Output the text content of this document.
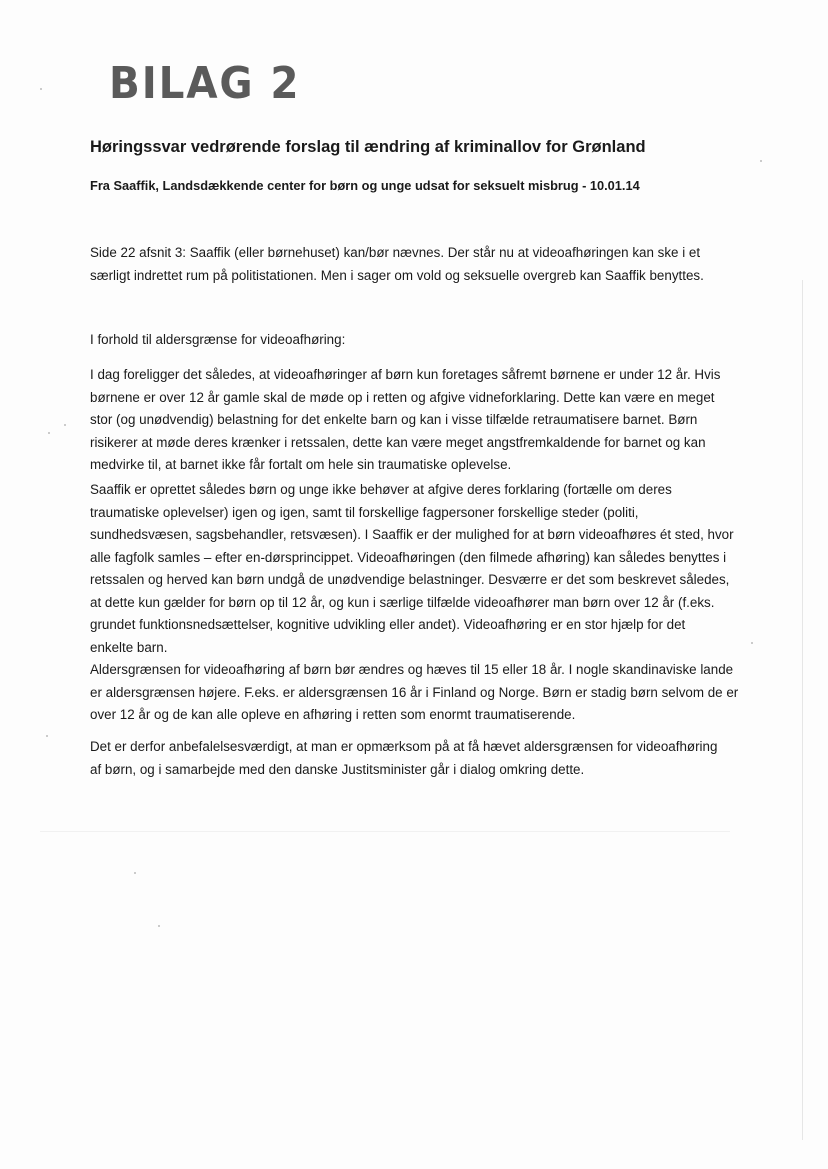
BILAG 2
Høringssvar vedrørende forslag til ændring af kriminallov for Grønland
Fra Saaffik, Landsdækkende center for børn og unge udsat for seksuelt misbrug - 10.01.14

Side 22 afsnit 3: Saaffik (eller børnehuset) kan/bør nævnes. Der står nu at videoafhøringen kan ske i et
særligt indrettet rum på politistationen. Men i sager om vold og seksuelle overgreb kan Saaffik benyttes.

I forhold til aldersgrænse for videoafhøring:

I dag foreligger det således, at videoafhøringer af børn kun foretages såfremt børnene er under 12 år. Hvis
børnene er over 12 år gamle skal de møde op i retten og afgive vidneforklaring. Dette kan være en meget
stor (og unødvendig) belastning for det enkelte barn og kan i visse tilfælde retraumatisere barnet. Børn
risikerer at møde deres krænker i retssalen, dette kan være meget angstfremkaldende for barnet og kan
medvirke til, at barnet ikke får fortalt om hele sin traumatiske oplevelse.

Saaffik er oprettet således børn og unge ikke behøver at afgive deres forklaring (fortælle om deres
traumatiske oplevelser) igen og igen, samt til forskellige fagpersoner forskellige steder (politi,
sundhedsvæsen, sagsbehandler, retsvæsen). I Saaffik er der mulighed for at børn videoafhøres ét sted, hvor
alle fagfolk samles – efter en-dørsprincippet. Videoafhøringen (den filmede afhøring) kan således benyttes i
retssalen og herved kan børn undgå de unødvendige belastninger. Desværre er det som beskrevet således,
at dette kun gælder for børn op til 12 år, og kun i særlige tilfælde videoafhører man børn over 12 år (f.eks.
grundet funktionsnedsættelser, kognitive udvikling eller andet). Videoafhøring er en stor hjælp for det
enkelte barn.

Aldersgrænsen for videoafhøring af børn bør ændres og hæves til 15 eller 18 år. I nogle skandinaviske lande
er aldersgrænsen højere. F.eks. er aldersgrænsen 16 år i Finland og Norge. Børn er stadig børn selvom de er
over 12 år og de kan alle opleve en afhøring i retten som enormt traumatiserende.

Det er derfor anbefalelsesværdigt, at man er opmærksom på at få hævet aldersgrænsen for videoafhøring
af børn, og i samarbejde med den danske Justitsminister går i dialog omkring dette.
